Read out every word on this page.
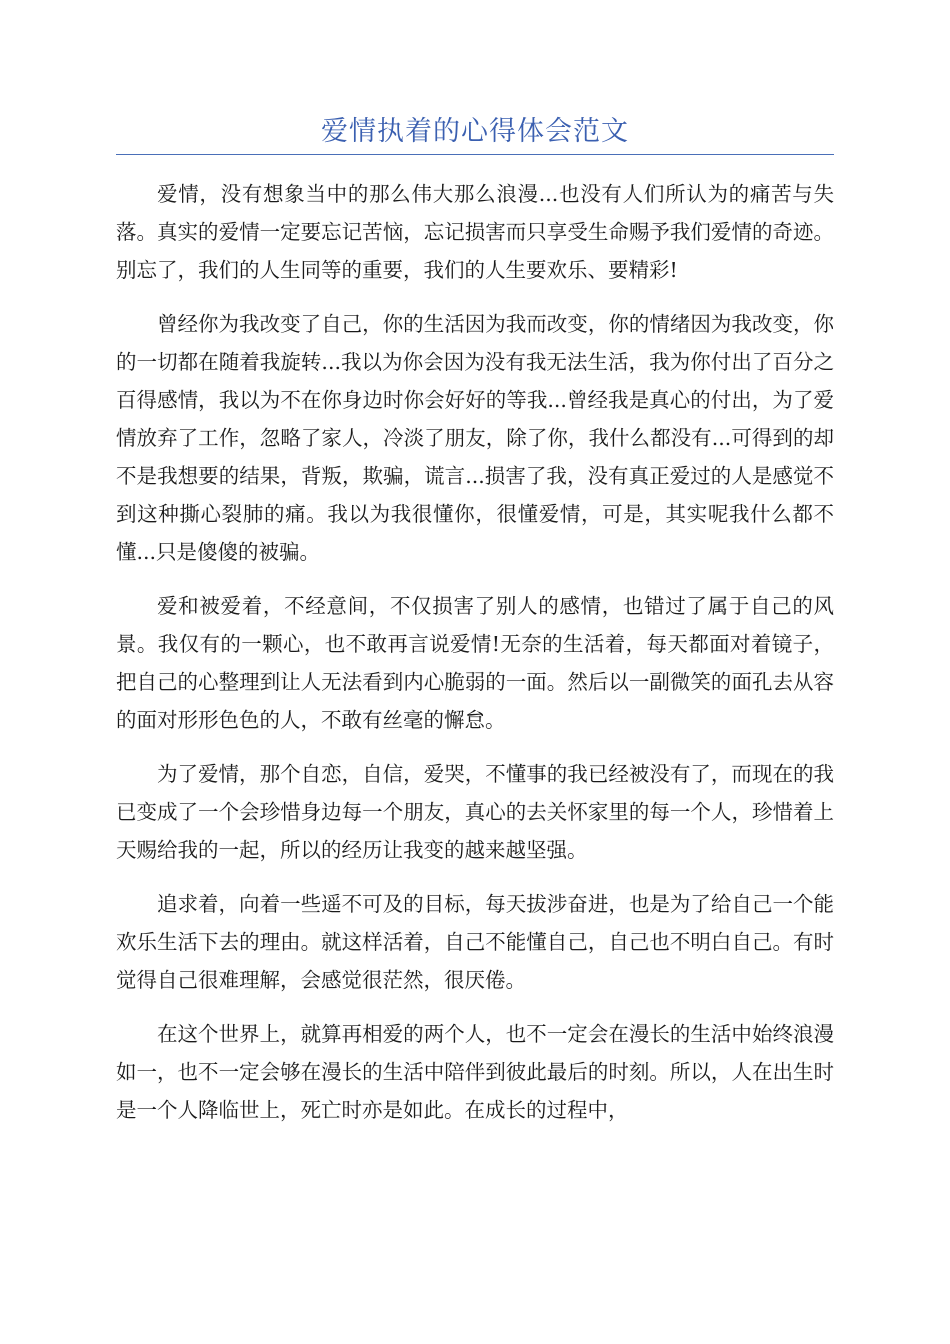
爱情执着的心得体会范文

爱情，没有想象当中的那么伟大那么浪漫...也没有人们所认为的痛苦与失落。真实的爱情一定要忘记苦恼，忘记损害而只享受生命赐予我们爱情的奇迹。别忘了，我们的人生同等的重要，我们的人生要欢乐、要精彩!

曾经你为我改变了自己，你的生活因为我而改变，你的情绪因为我改变，你的一切都在随着我旋转...我以为你会因为没有我无法生活，我为你付出了百分之百得感情，我以为不在你身边时你会好好的等我...曾经我是真心的付出，为了爱情放弃了工作，忽略了家人，冷淡了朋友，除了你，我什么都没有...可得到的却不是我想要的结果，背叛，欺骗，谎言...损害了我，没有真正爱过的人是感觉不到这种撕心裂肺的痛。我以为我很懂你，很懂爱情，可是，其实呢我什么都不懂...只是傻傻的被骗。

爱和被爱着，不经意间，不仅损害了别人的感情，也错过了属于自己的风景。我仅有的一颗心，也不敢再言说爱情!无奈的生活着，每天都面对着镜子，把自己的心整理到让人无法看到内心脆弱的一面。然后以一副微笑的面孔去从容的面对形形色色的人，不敢有丝毫的懈怠。

为了爱情，那个自恋，自信，爱哭，不懂事的我已经被没有了，而现在的我已变成了一个会珍惜身边每一个朋友，真心的去关怀家里的每一个人，珍惜着上天赐给我的一起，所以的经历让我变的越来越坚强。

追求着，向着一些遥不可及的目标，每天拔涉奋进，也是为了给自己一个能欢乐生活下去的理由。就这样活着，自己不能懂自己，自己也不明白自己。有时觉得自己很难理解，会感觉很茫然，很厌倦。

在这个世界上，就算再相爱的两个人，也不一定会在漫长的生活中始终浪漫如一，也不一定会够在漫长的生活中陪伴到彼此最后的时刻。所以，人在出生时是一个人降临世上，死亡时亦是如此。在成长的过程中，
